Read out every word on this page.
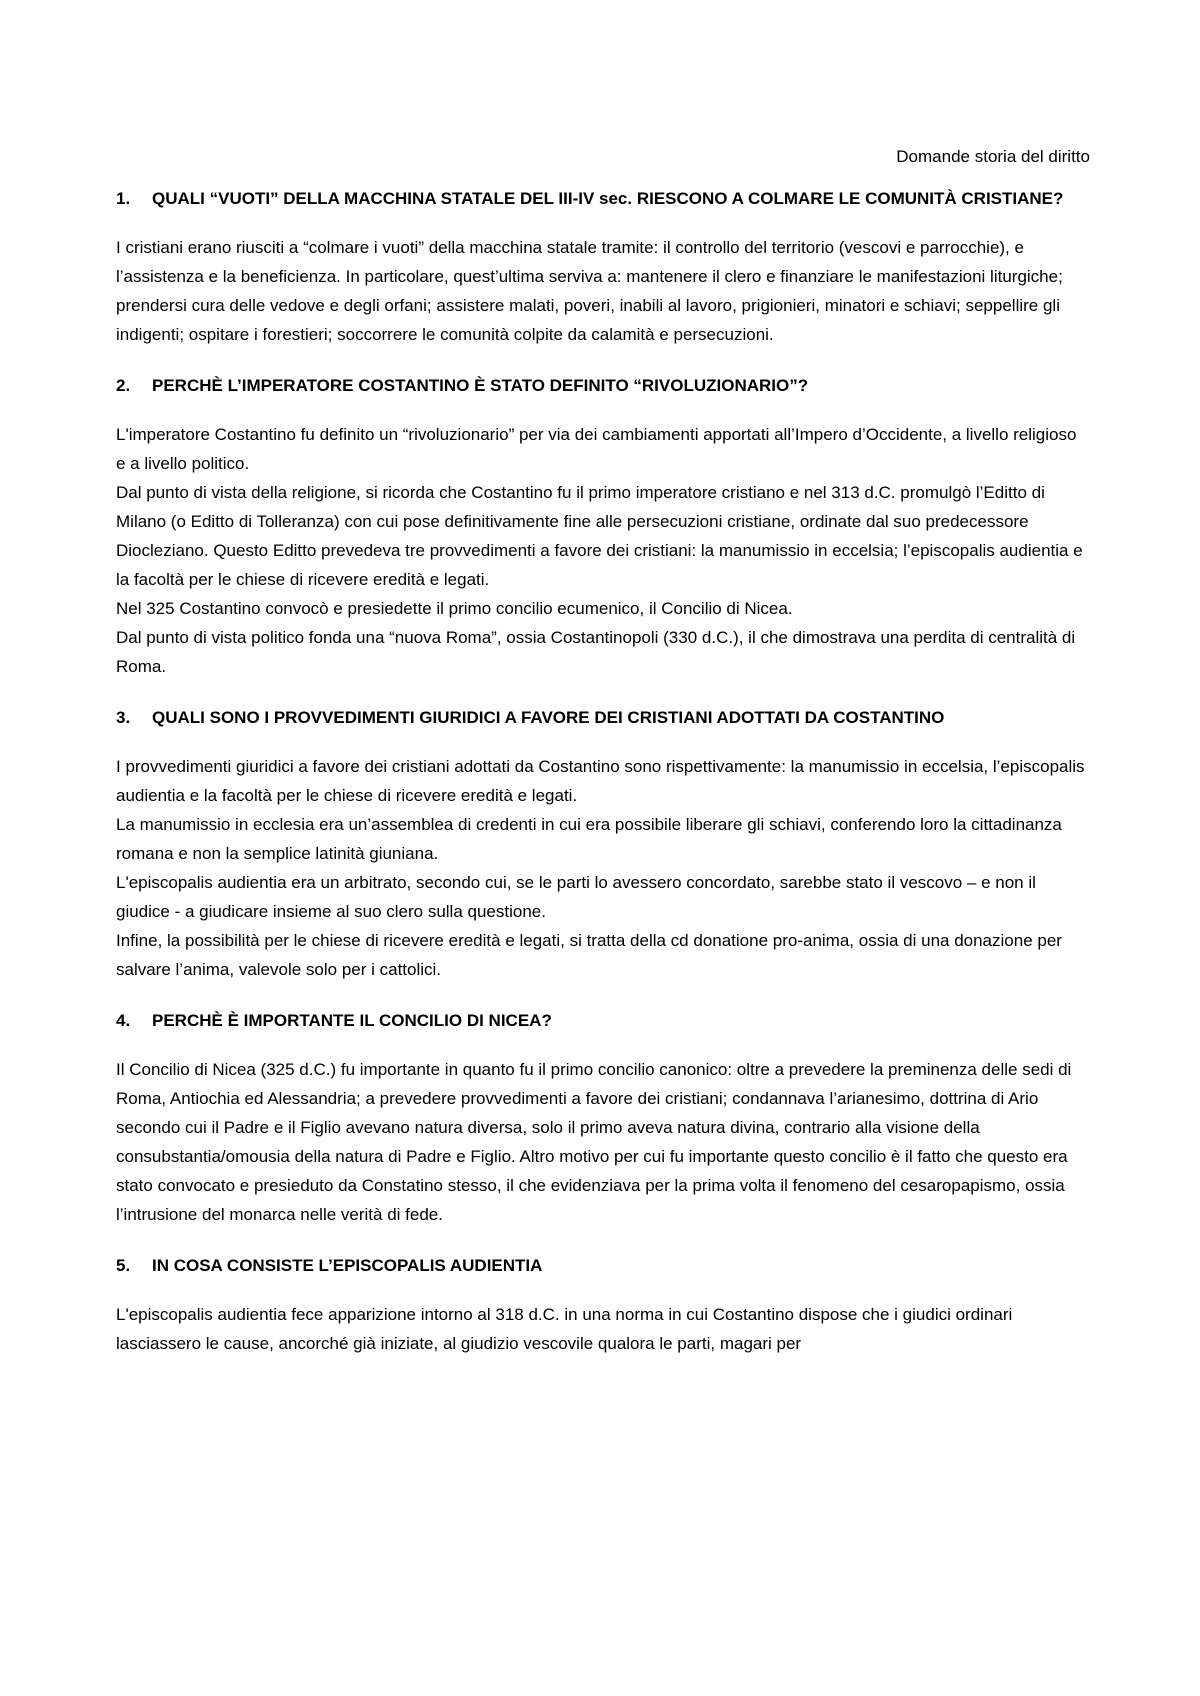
Domande storia del diritto
1.	QUALI “VUOTI” DELLA MACCHINA STATALE DEL III-IV sec. RIESCONO A COLMARE LE COMUNITÀ CRISTIANE?

I cristiani erano riusciti a “colmare i vuoti” della macchina statale tramite: il controllo del territorio (vescovi e parrocchie), e l’assistenza e la beneficienza. In particolare, quest’ultima serviva a: mantenere il clero e finanziare le manifestazioni liturgiche; prendersi cura delle vedove e degli orfani; assistere malati, poveri, inabili al lavoro, prigionieri, minatori e schiavi; seppellire gli indigenti; ospitare i forestieri; soccorrere le comunità colpite da calamità e persecuzioni.

2.	PERCHÈ L’IMPERATORE COSTANTINO È STATO DEFINITO “RIVOLUZIONARIO”?

L'imperatore Costantino fu definito un “rivoluzionario” per via dei cambiamenti apportati all’Impero d’Occidente, a livello religioso e a livello politico.

Dal punto di vista della religione, si ricorda che Costantino fu il primo imperatore cristiano e nel 313 d.C. promulgò l’Editto di Milano (o Editto di Tolleranza) con cui pose definitivamente fine alle persecuzioni cristiane, ordinate dal suo predecessore Diocleziano. Questo Editto prevedeva tre provvedimenti a favore dei cristiani: la manumissio in eccelsia; l’episcopalis audientia e la facoltà per le chiese di ricevere eredità e legati.

Nel 325 Costantino convocò e presiedette il primo concilio ecumenico, il Concilio di Nicea.

Dal punto di vista politico fonda una “nuova Roma”, ossia Costantinopoli (330 d.C.), il che dimostrava una perdita di centralità di Roma.

3.	QUALI SONO I PROVVEDIMENTI GIURIDICI A FAVORE DEI CRISTIANI ADOTTATI DA COSTANTINO

I provvedimenti giuridici a favore dei cristiani adottati da Costantino sono rispettivamente: la manumissio in eccelsia, l’episcopalis audientia e la facoltà per le chiese di ricevere eredità e legati.

La manumissio in ecclesia era un’assemblea di credenti in cui era possibile liberare gli schiavi, conferendo loro la cittadinanza romana e non la semplice latinità giuniana.

L'episcopalis audientia era un arbitrato, secondo cui, se le parti lo avessero concordato, sarebbe stato il vescovo – e non il giudice - a giudicare insieme al suo clero sulla questione.

Infine, la possibilità per le chiese di ricevere eredità e legati, si tratta della cd donatione pro-anima, ossia di una donazione per salvare l’anima, valevole solo per i cattolici.

4.	PERCHÈ È IMPORTANTE IL CONCILIO DI NICEA?

Il Concilio di Nicea (325 d.C.) fu importante in quanto fu il primo concilio canonico: oltre a prevedere la preminenza delle sedi di Roma, Antiochia ed Alessandria; a prevedere provvedimenti a favore dei cristiani; condannava l’arianesimo, dottrina di Ario secondo cui il Padre e il Figlio avevano natura diversa, solo il primo aveva natura divina, contrario alla visione della consubstantia/omousia della natura di Padre e Figlio. Altro motivo per cui fu importante questo concilio è il fatto che questo era stato convocato e presieduto da Constatino stesso, il che evidenziava per la prima volta il fenomeno del cesaropapismo, ossia l’intrusione del monarca nelle verità di fede.

5.	IN COSA CONSISTE L’EPISCOPALIS AUDIENTIA

L'episcopalis audientia fece apparizione intorno al 318 d.C. in una norma in cui Costantino dispose che i giudici ordinari lasciassero le cause, ancorché già iniziate, al giudizio vescovile qualora le parti, magari per
